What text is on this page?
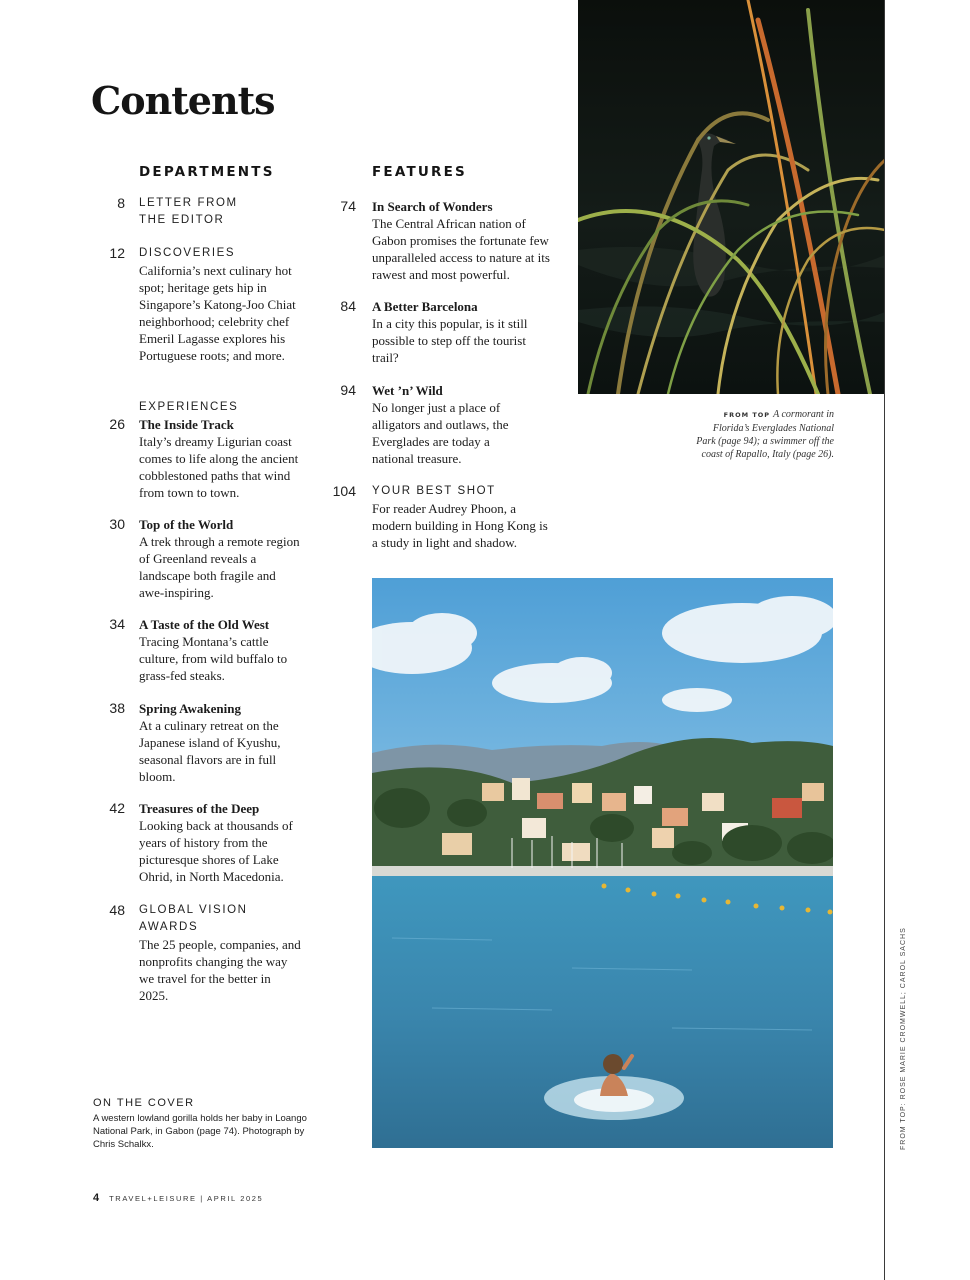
Contents
DEPARTMENTS
8 LETTER FROM
THE EDITOR
12 DISCOVERIES
California’s next culinary hot spot; heritage gets hip in Singapore’s Katong-Joo Chiat neighborhood; celebrity chef Emeril Lagasse explores his Portuguese roots; and more.
EXPERIENCES
26 The Inside Track
Italy’s dreamy Ligurian coast comes to life along the ancient cobblestoned paths that wind from town to town.
30 Top of the World
A trek through a remote region of Greenland reveals a landscape both fragile and awe-inspiring.
34 A Taste of the Old West
Tracing Montana’s cattle culture, from wild buffalo to grass-fed steaks.
38 Spring Awakening
At a culinary retreat on the Japanese island of Kyushu, seasonal flavors are in full bloom.
42 Treasures of the Deep
Looking back at thousands of years of history from the picturesque shores of Lake Ohrid, in North Macedonia.
48 GLOBAL VISION AWARDS
The 25 people, companies, and nonprofits changing the way we travel for the better in 2025.
FEATURES
74 In Search of Wonders
The Central African nation of Gabon promises the fortunate few unparalleled access to nature at its rawest and most powerful.
84 A Better Barcelona
In a city this popular, is it still possible to step off the tourist trail?
94 Wet ’n’ Wild
No longer just a place of alligators and outlaws, the Everglades are today a national treasure.
104 YOUR BEST SHOT
For reader Audrey Phoon, a modern building in Hong Kong is a study in light and shadow.
FROM TOP A cormorant in Florida’s Everglades National Park (page 94); a swimmer off the coast of Rapallo, Italy (page 26).
FROM TOP: ROSE MARIE CROMWELL; CAROL SACHS
ON THE COVER
A western lowland gorilla holds her baby in Loango National Park, in Gabon (page 74). Photograph by Chris Schalkx.
4 TRAVEL+LEISURE | APRIL 2025
